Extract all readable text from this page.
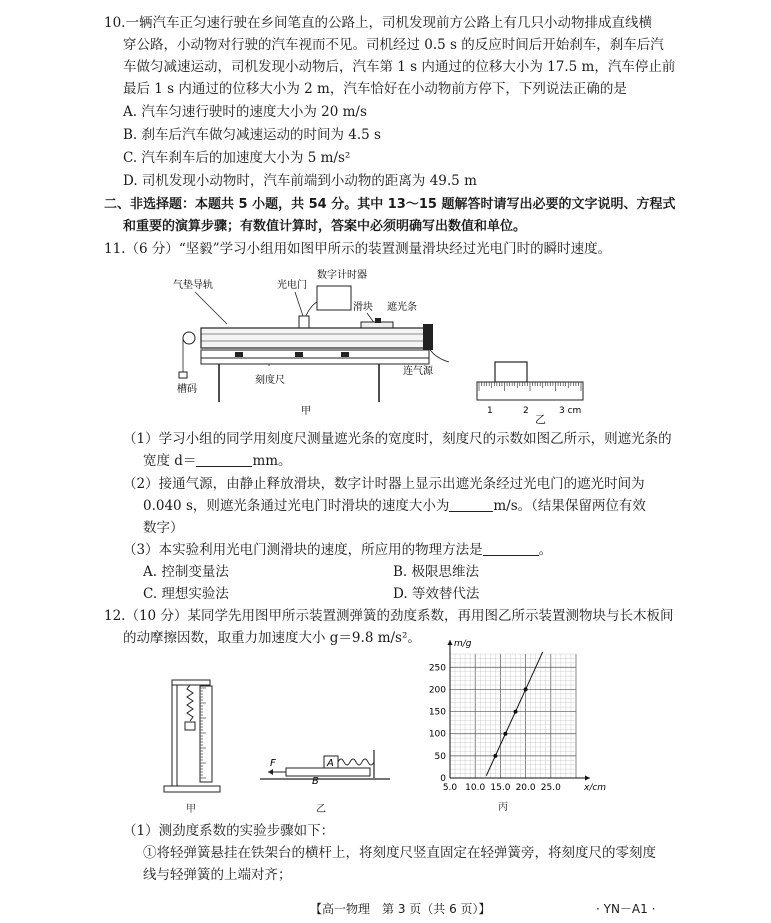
10.一辆汽车正匀速行驶在乡间笔直的公路上，司机发现前方公路上有几只小动物排成直线横
穿公路，小动物对行驶的汽车视而不见。司机经过 0.5 s 的反应时间后开始刹车，刹车后汽
车做匀减速运动，司机发现小动物后，汽车第 1 s 内通过的位移大小为 17.5 m，汽车停止前
最后 1 s 内通过的位移大小为 2 m，汽车恰好在小动物前方停下，下列说法正确的是
A. 汽车匀速行驶时的速度大小为 20 m/s
B. 刹车后汽车做匀减速运动的时间为 4.5 s
C. 汽车刹车后的加速度大小为 5 m/s²
D. 司机发现小动物时，汽车前端到小动物的距离为 49.5 m
二、非选择题：本题共 5 小题，共 54 分。其中 13～15 题解答时请写出必要的文字说明、方程式
和重要的演算步骤；有数值计算时，答案中必须明确写出数值和单位。
11.（6 分）“坚毅”学习小组用如图甲所示的装置测量滑块经过光电门时的瞬时速度。
气垫导轨	光电门
数字计时器
滑块 遮光条
连气源
槽码
刻度尺
甲	1	2	3 cm
乙
（1）学习小组的同学用刻度尺测量遮光条的宽度时，刻度尺的示数如图乙所示，则遮光条的
宽度 d＝	mm。
（2）接通气源，由静止释放滑块，数字计时器上显示出遮光条经过光电门的遮光时间为
0.040 s，则遮光条通过光电门时滑块的速度大小为	m/s。（结果保留两位有效
数字）
（3）本实验利用光电门测滑块的速度，所应用的物理方法是	。
A. 控制变量法	B. 极限思维法
C. 理想实验法	D. 等效替代法
12.（10 分）某同学先用图甲所示装置测弹簧的劲度系数，再用图乙所示装置测物块与长木板间
的动摩擦因数，取重力加速度大小 g＝9.8 m/s²。
甲
F
B
A
乙
m/g
x/cm
0
50
100
150
200
250
5.0 10.0 15.0 20.0 25.0
丙
（1）测劲度系数的实验步骤如下：
①将轻弹簧悬挂在铁架台的横杆上，将刻度尺竖直固定在轻弹簧旁，将刻度尺的零刻度
线与轻弹簧的上端对齐；
【高一物理　第 3 页（共 6 页）】	· YN－A1 ·
